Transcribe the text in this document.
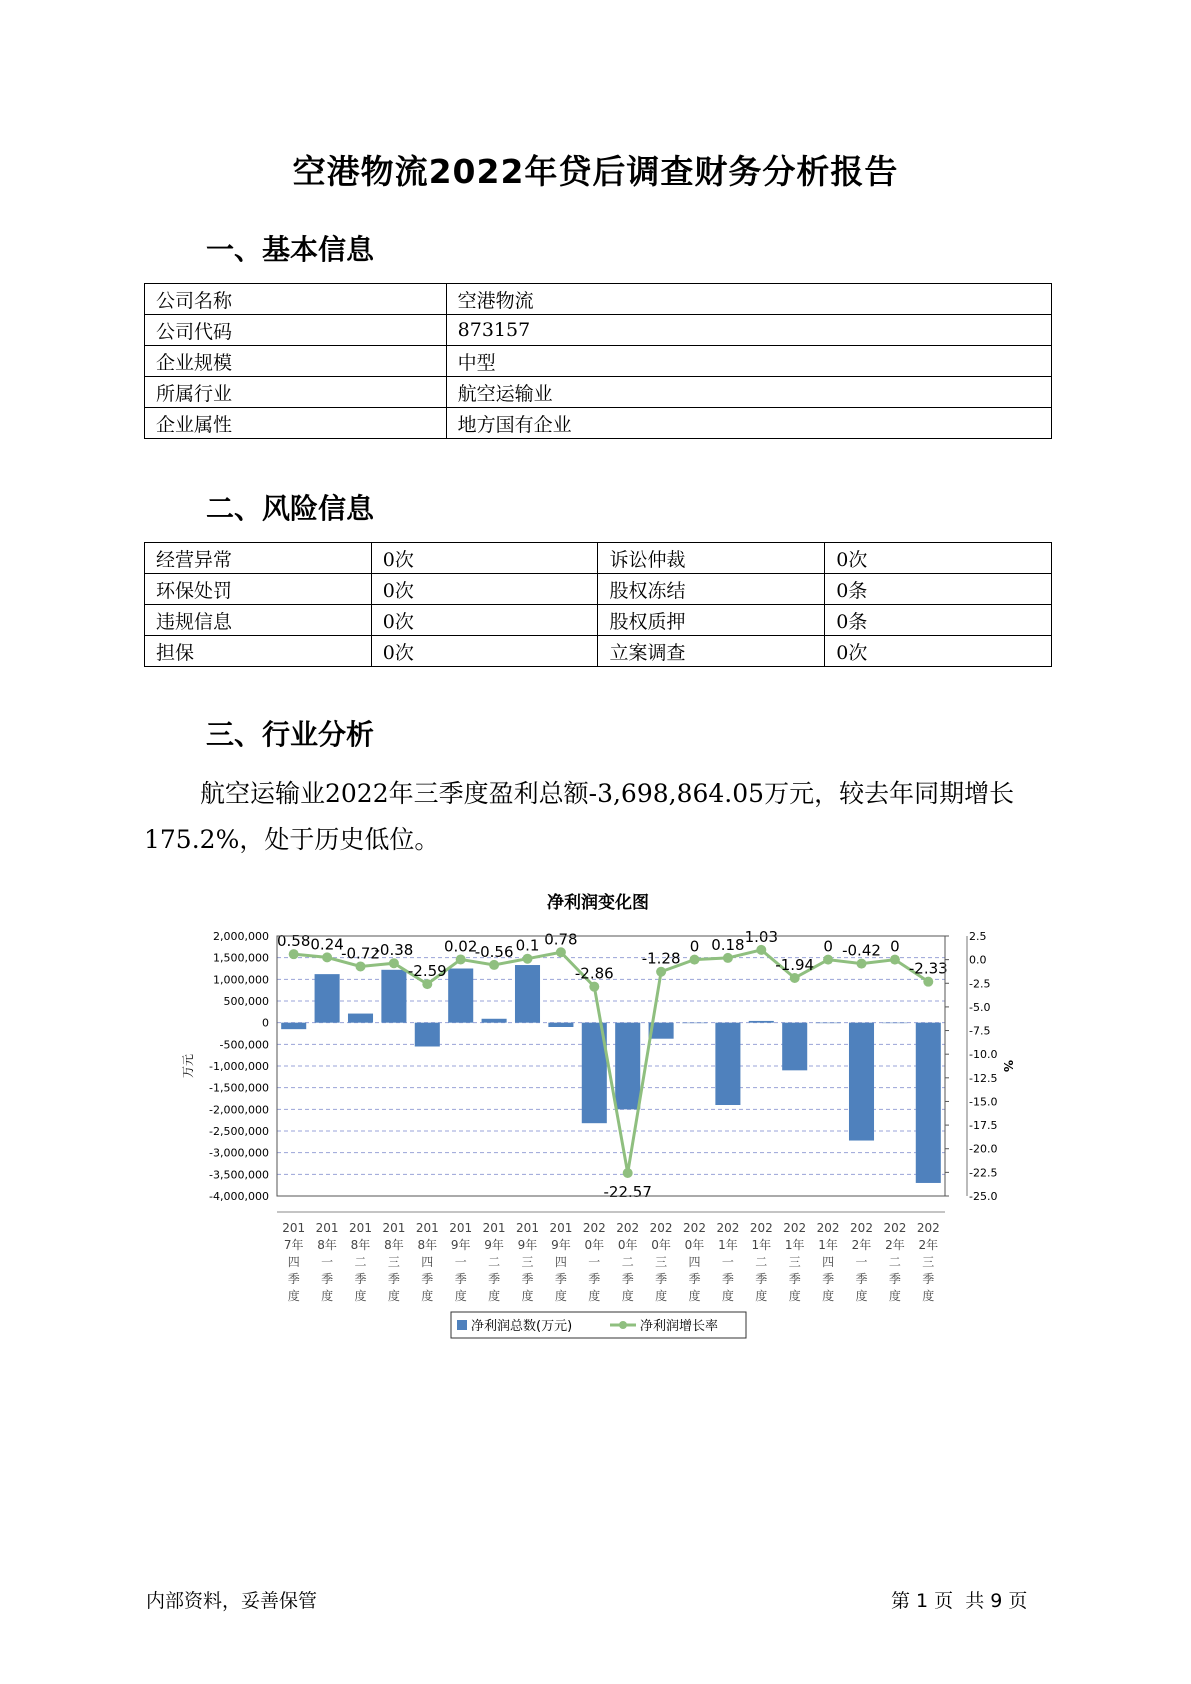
空港物流2022年贷后调查财务分析报告
一、基本信息
公司名称	空港物流
公司代码	873157
企业规模	中型
所属行业	航空运输业
企业属性	地方国有企业
二、风险信息
经营异常	0次	诉讼仲裁	0次
环保处罚	0次	股权冻结	0条
违规信息	0次	股权质押	0条
担保	0次	立案调查	0次
三、行业分析
航空运输业2022年三季度盈利总额-3,698,864.05万元，较去年同期增长175.2%，处于历史低位。
净利润变化图
0.58 0.24
-0.72
-0.38
-2.59
0.02
-0.56 0.1 0.78
-2.86
-22.57
-1.28
0 0.18 1.03
-1.94
0 -0.42 0
-2.33
2,000,000
1,500,000
1,000,000
500,000
0
-500,000
-1,000,000
-1,500,000
-2,000,000
-2,500,000
-3,000,000
-3,500,000
-4,000,000
2.5
0.0
-2.5
-5.0
-7.5
-10.0
-12.5
-15.0
-17.5
-20.0
-22.5
-25.0
万元	%
201
7年
四
季
度
201
8年
一
季
度
201
8年
二
季
度
201
8年
三
季
度
201
8年
四
季
度
201
9年
一
季
度
201
9年
二
季
度
201
9年
三
季
度
201
9年
四
季
度
202
0年
一
季
度
202
0年
二
季
度
202
0年
三
季
度
202
0年
四
季
度
202
1年
一
季
度
202
1年
二
季
度
202
1年
三
季
度
202
1年
四
季
度
202
2年
一
季
度
202
2年
二
季
度
202
2年
三
季
度
净利润总数(万元)	净利润增长率
内部资料，妥善保管	第 1 页  共 9 页
